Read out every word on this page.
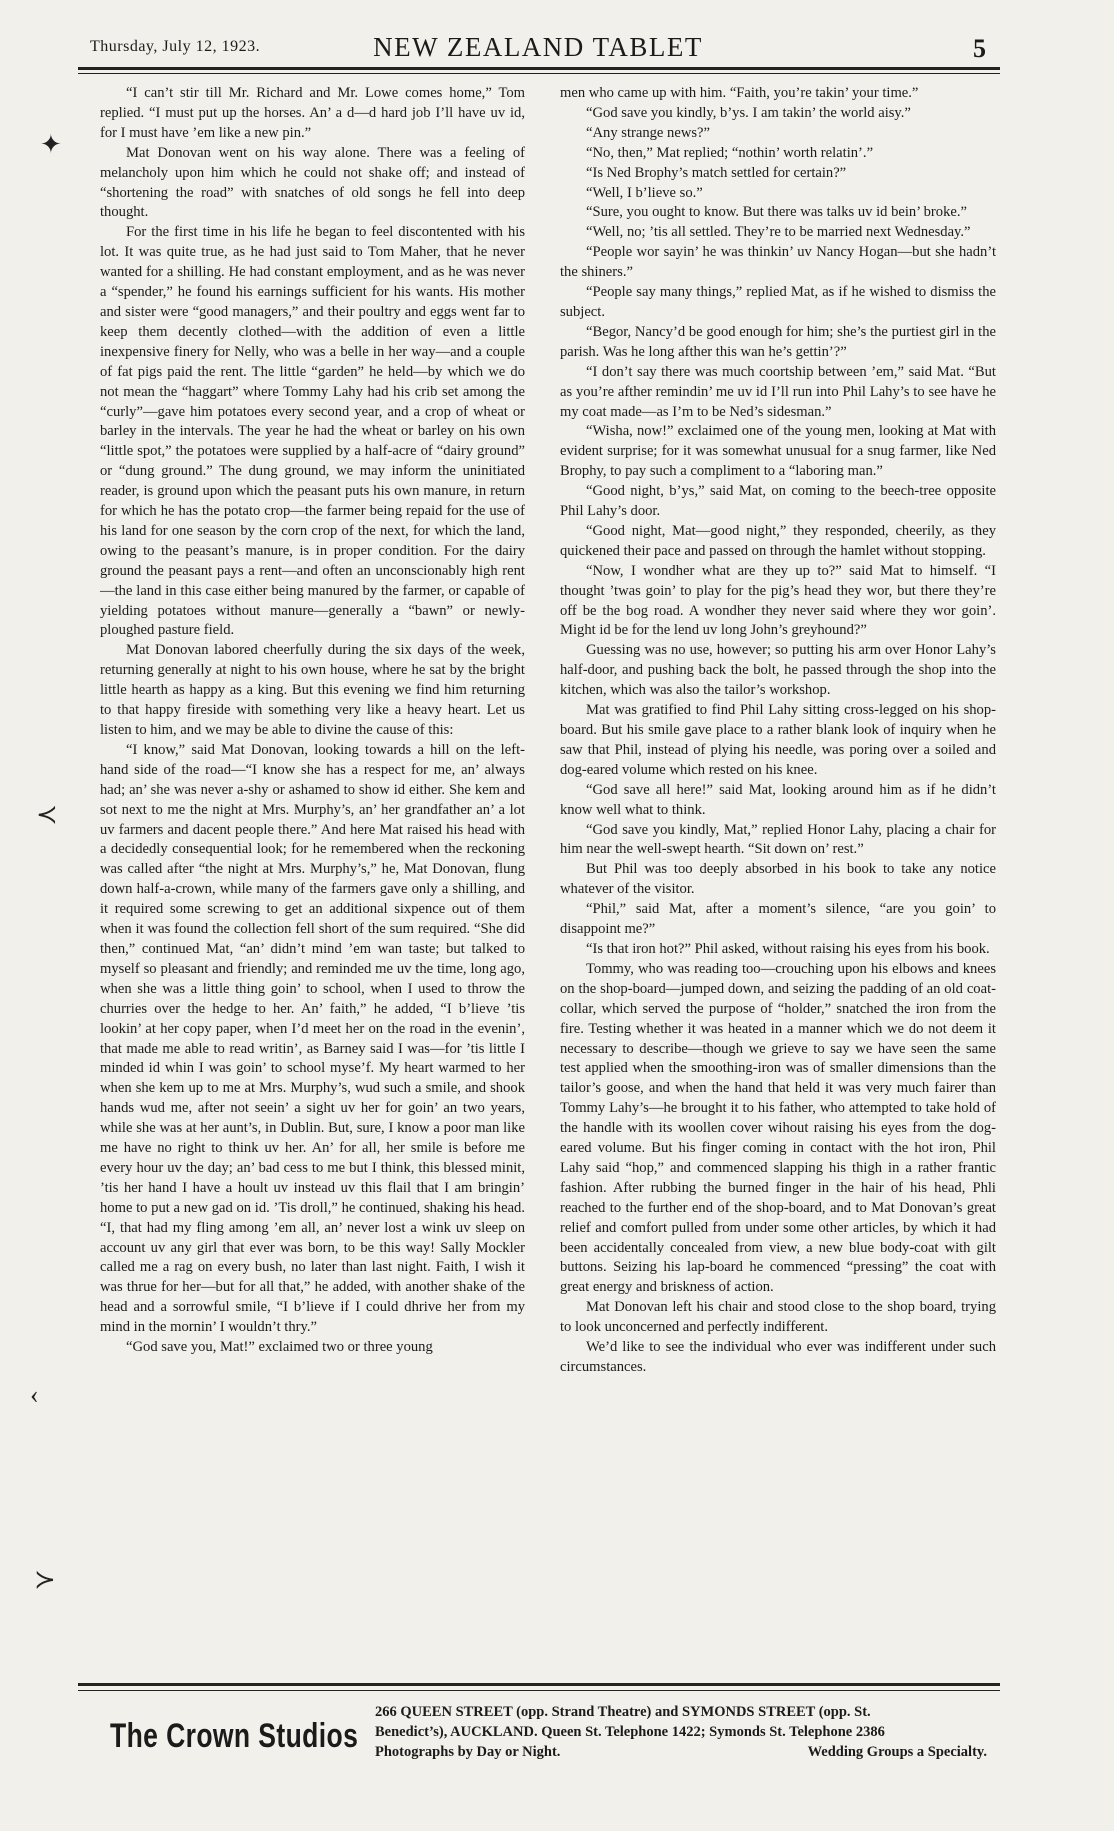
Thursday, July 12, 1923.	NEW ZEALAND TABLET	5

“I can’t stir till Mr. Richard and Mr. Lowe comes home,” Tom replied. “I must put up the horses. An’ a d—d hard job I’ll have uv id, for I must have ’em like a new pin.”

Mat Donovan went on his way alone. There was a feeling of melancholy upon him which he could not shake off; and instead of “shortening the road” with snatches of old songs he fell into deep thought.

For the first time in his life he began to feel discontented with his lot. It was quite true, as he had just said to Tom Maher, that he never wanted for a shilling. He had constant employment, and as he was never a “spender,” he found his earnings sufficient for his wants. His mother and sister were “good managers,” and their poultry and eggs went far to keep them decently clothed—with the addition of even a little inexpensive finery for Nelly, who was a belle in her way—and a couple of fat pigs paid the rent. The little “garden” he held—by which we do not mean the “haggart” where Tommy Lahy had his crib set among the “curly”—gave him potatoes every second year, and a crop of wheat or barley in the intervals. The year he had the wheat or barley on his own “little spot,” the potatoes were supplied by a half-acre of “dairy ground” or “dung ground.” The dung ground, we may inform the uninitiated reader, is ground upon which the peasant puts his own manure, in return for which he has the potato crop—the farmer being repaid for the use of his land for one season by the corn crop of the next, for which the land, owing to the peasant’s manure, is in proper condition. For the dairy ground the peasant pays a rent—and often an unconscionably high rent—the land in this case either being manured by the farmer, or capable of yielding potatoes without manure—generally a “bawn” or newly-ploughed pasture field.

Mat Donovan labored cheerfully during the six days of the week, returning generally at night to his own house, where he sat by the bright little hearth as happy as a king. But this evening we find him returning to that happy fireside with something very like a heavy heart. Let us listen to him, and we may be able to divine the cause of this:

“I know,” said Mat Donovan, looking towards a hill on the left-hand side of the road—“I know she has a respect for me, an’ always had; an’ she was never a-shy or ashamed to show id either. She kem and sot next to me the night at Mrs. Murphy’s, an’ her grandfather an’ a lot uv farmers and dacent people there.” And here Mat raised his head with a decidedly consequential look; for he remembered when the reckoning was called after “the night at Mrs. Murphy’s,” he, Mat Donovan, flung down half-a-crown, while many of the farmers gave only a shilling, and it required some screwing to get an additional sixpence out of them when it was found the collection fell short of the sum required. “She did then,” continued Mat, “an’ didn’t mind ’em wan taste; but talked to myself so pleasant and friendly; and reminded me uv the time, long ago, when she was a little thing goin’ to school, when I used to throw the churries over the hedge to her. An’ faith,” he added, “I b’lieve ’tis lookin’ at her copy paper, when I’d meet her on the road in the evenin’, that made me able to read writin’, as Barney said I was—for ’tis little I minded id whin I was goin’ to school myse’f. My heart warmed to her when she kem up to me at Mrs. Murphy’s, wud such a smile, and shook hands wud me, after not seein’ a sight uv her for goin’ an two years, while she was at her aunt’s, in Dublin. But, sure, I know a poor man like me have no right to think uv her. An’ for all, her smile is before me every hour uv the day; an’ bad cess to me but I think, this blessed minit, ’tis her hand I have a hoult uv instead uv this flail that I am bringin’ home to put a new gad on id. ’Tis droll,” he continued, shaking his head. “I, that had my fling among ’em all, an’ never lost a wink uv sleep on account uv any girl that ever was born, to be this way! Sally Mockler called me a rag on every bush, no later than last night. Faith, I wish it was thrue for her—but for all that,” he added, with another shake of the head and a sorrowful smile, “I b’lieve if I could dhrive her from my mind in the mornin’ I wouldn’t thry.”

“God save you, Mat!” exclaimed two or three young

men who came up with him. “Faith, you’re takin’ your time.”

“God save you kindly, b’ys. I am takin’ the world aisy.”

“Any strange news?”

“No, then,” Mat replied; “nothin’ worth relatin’.”

“Is Ned Brophy’s match settled for certain?”

“Well, I b’lieve so.”

“Sure, you ought to know. But there was talks uv id bein’ broke.”

“Well, no; ’tis all settled. They’re to be married next Wednesday.”

“People wor sayin’ he was thinkin’ uv Nancy Hogan—but she hadn’t the shiners.”

“People say many things,” replied Mat, as if he wished to dismiss the subject.

“Begor, Nancy’d be good enough for him; she’s the purtiest girl in the parish. Was he long afther this wan he’s gettin’?”

“I don’t say there was much coortship between ’em,” said Mat. “But as you’re afther remindin’ me uv id I’ll run into Phil Lahy’s to see have he my coat made—as I’m to be Ned’s sidesman.”

“Wisha, now!” exclaimed one of the young men, looking at Mat with evident surprise; for it was somewhat unusual for a snug farmer, like Ned Brophy, to pay such a compliment to a “laboring man.”

“Good night, b’ys,” said Mat, on coming to the beech-tree opposite Phil Lahy’s door.

“Good night, Mat—good night,” they responded, cheerily, as they quickened their pace and passed on through the hamlet without stopping.

“Now, I wondher what are they up to?” said Mat to himself. “I thought ’twas goin’ to play for the pig’s head they wor, but there they’re off be the bog road. A wondher they never said where they wor goin’. Might id be for the lend uv long John’s greyhound?”

Guessing was no use, however; so putting his arm over Honor Lahy’s half-door, and pushing back the bolt, he passed through the shop into the kitchen, which was also the tailor’s workshop.

Mat was gratified to find Phil Lahy sitting cross-legged on his shop-board. But his smile gave place to a rather blank look of inquiry when he saw that Phil, instead of plying his needle, was poring over a soiled and dog-eared volume which rested on his knee.

“God save all here!” said Mat, looking around him as if he didn’t know well what to think.

“God save you kindly, Mat,” replied Honor Lahy, placing a chair for him near the well-swept hearth. “Sit down on’ rest.”

But Phil was too deeply absorbed in his book to take any notice whatever of the visitor.

“Phil,” said Mat, after a moment’s silence, “are you goin’ to disappoint me?”

“Is that iron hot?” Phil asked, without raising his eyes from his book.

Tommy, who was reading too—crouching upon his elbows and knees on the shop-board—jumped down, and seizing the padding of an old coat-collar, which served the purpose of “holder,” snatched the iron from the fire. Testing whether it was heated in a manner which we do not deem it necessary to describe—though we grieve to say we have seen the same test applied when the smoothing-iron was of smaller dimensions than the tailor’s goose, and when the hand that held it was very much fairer than Tommy Lahy’s—he brought it to his father, who attempted to take hold of the handle with its woollen cover wihout raising his eyes from the dog-eared volume. But his finger coming in contact with the hot iron, Phil Lahy said “hop,” and commenced slapping his thigh in a rather frantic fashion. After rubbing the burned finger in the hair of his head, Phli reached to the further end of the shop-board, and to Mat Donovan’s great relief and comfort pulled from under some other articles, by which it had been accidentally concealed from view, a new blue body-coat with gilt buttons. Seizing his lap-board he commenced “pressing” the coat with great energy and briskness of action.

Mat Donovan left his chair and stood close to the shop board, trying to look unconcerned and perfectly indifferent.

We’d like to see the individual who ever was indifferent under such circumstances.

✦
≺
‹
≻
The Crown Studios
266 QUEEN STREET (opp. Strand Theatre) and SYMONDS STREET (opp. St.
Benedict’s), AUCKLAND. Queen St. Telephone 1422; Symonds St. Telephone 2386
Photographs by Day or Night.	Wedding Groups a Specialty.
